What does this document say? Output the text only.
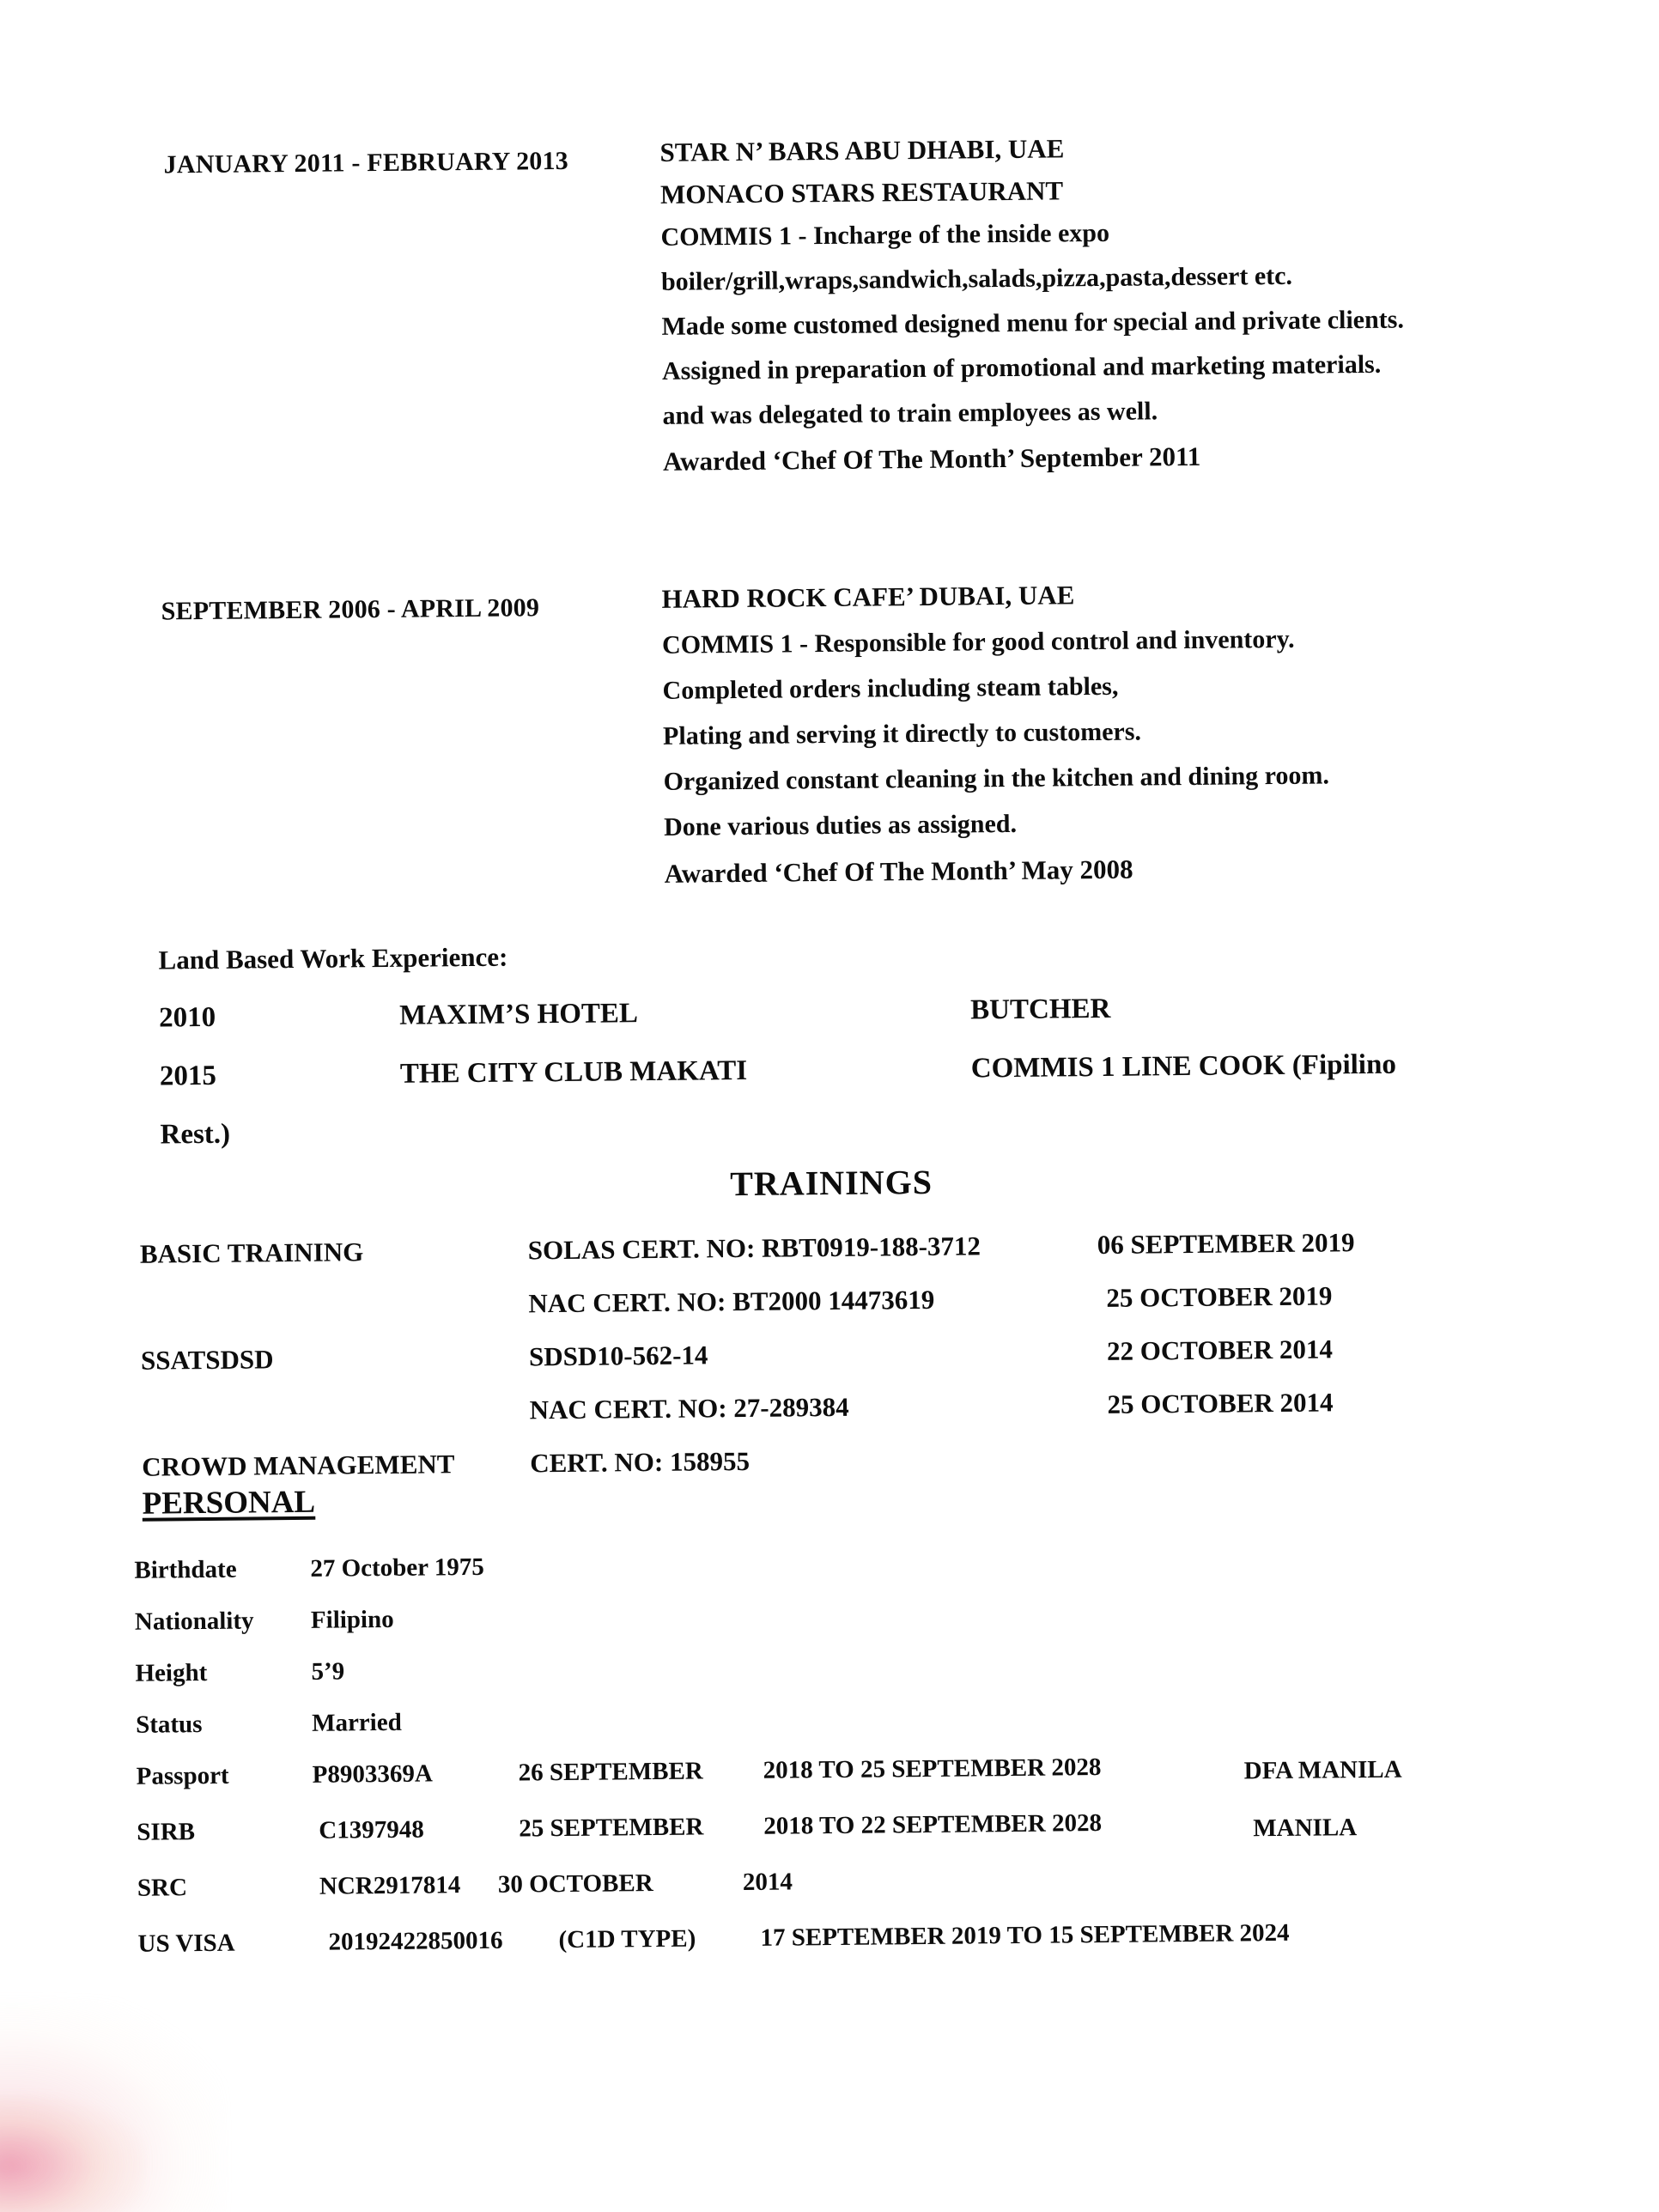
JANUARY 2011 - FEBRUARY 2013	STAR N’ BARS ABU DHABI, UAE
MONACO STARS RESTAURANT
COMMIS 1 - Incharge of the inside expo
boiler/grill,wraps,sandwich,salads,pizza,pasta,dessert etc.
Made some customed designed menu for special and private clients.
Assigned in preparation of promotional and marketing materials.
and was delegated to train employees as well.
Awarded ‘Chef Of The Month’ September 2011
SEPTEMBER 2006 - APRIL 2009	HARD ROCK CAFE’ DUBAI, UAE
COMMIS 1 - Responsible for good control and inventory.
Completed orders including steam tables,
Plating and serving it directly to customers.
Organized constant cleaning in the kitchen and dining room.
Done various duties as assigned.
Awarded ‘Chef Of The Month’ May 2008
Land Based Work Experience:
2010	MAXIM’S HOTEL	BUTCHER
2015	THE CITY CLUB MAKATI	COMMIS 1 LINE COOK (Fipilino
Rest.)
TRAININGS
BASIC TRAINING	SOLAS CERT. NO: RBT0919-188-3712	06 SEPTEMBER 2019
NAC CERT. NO: BT2000 14473619	25 OCTOBER 2019
SSATSDSD	SDSD10-562-14	22 OCTOBER 2014
NAC CERT. NO: 27-289384	25 OCTOBER 2014
CROWD MANAGEMENT	CERT. NO: 158955
PERSONAL
Birthdate	27 October 1975
Nationality Filipino
Height	5’9
Status	Married
Passport	P8903369A	26 SEPTEMBER 2018 TO 25 SEPTEMBER 2028	DFA MANILA
SIRB	C1397948	25 SEPTEMBER 2018 TO 22 SEPTEMBER 2028	MANILA
SRC	NCR2917814 30 OCTOBER	2014
US VISA	20192422850016 (C1D TYPE)	17 SEPTEMBER 2019 TO 15 SEPTEMBER 2024
